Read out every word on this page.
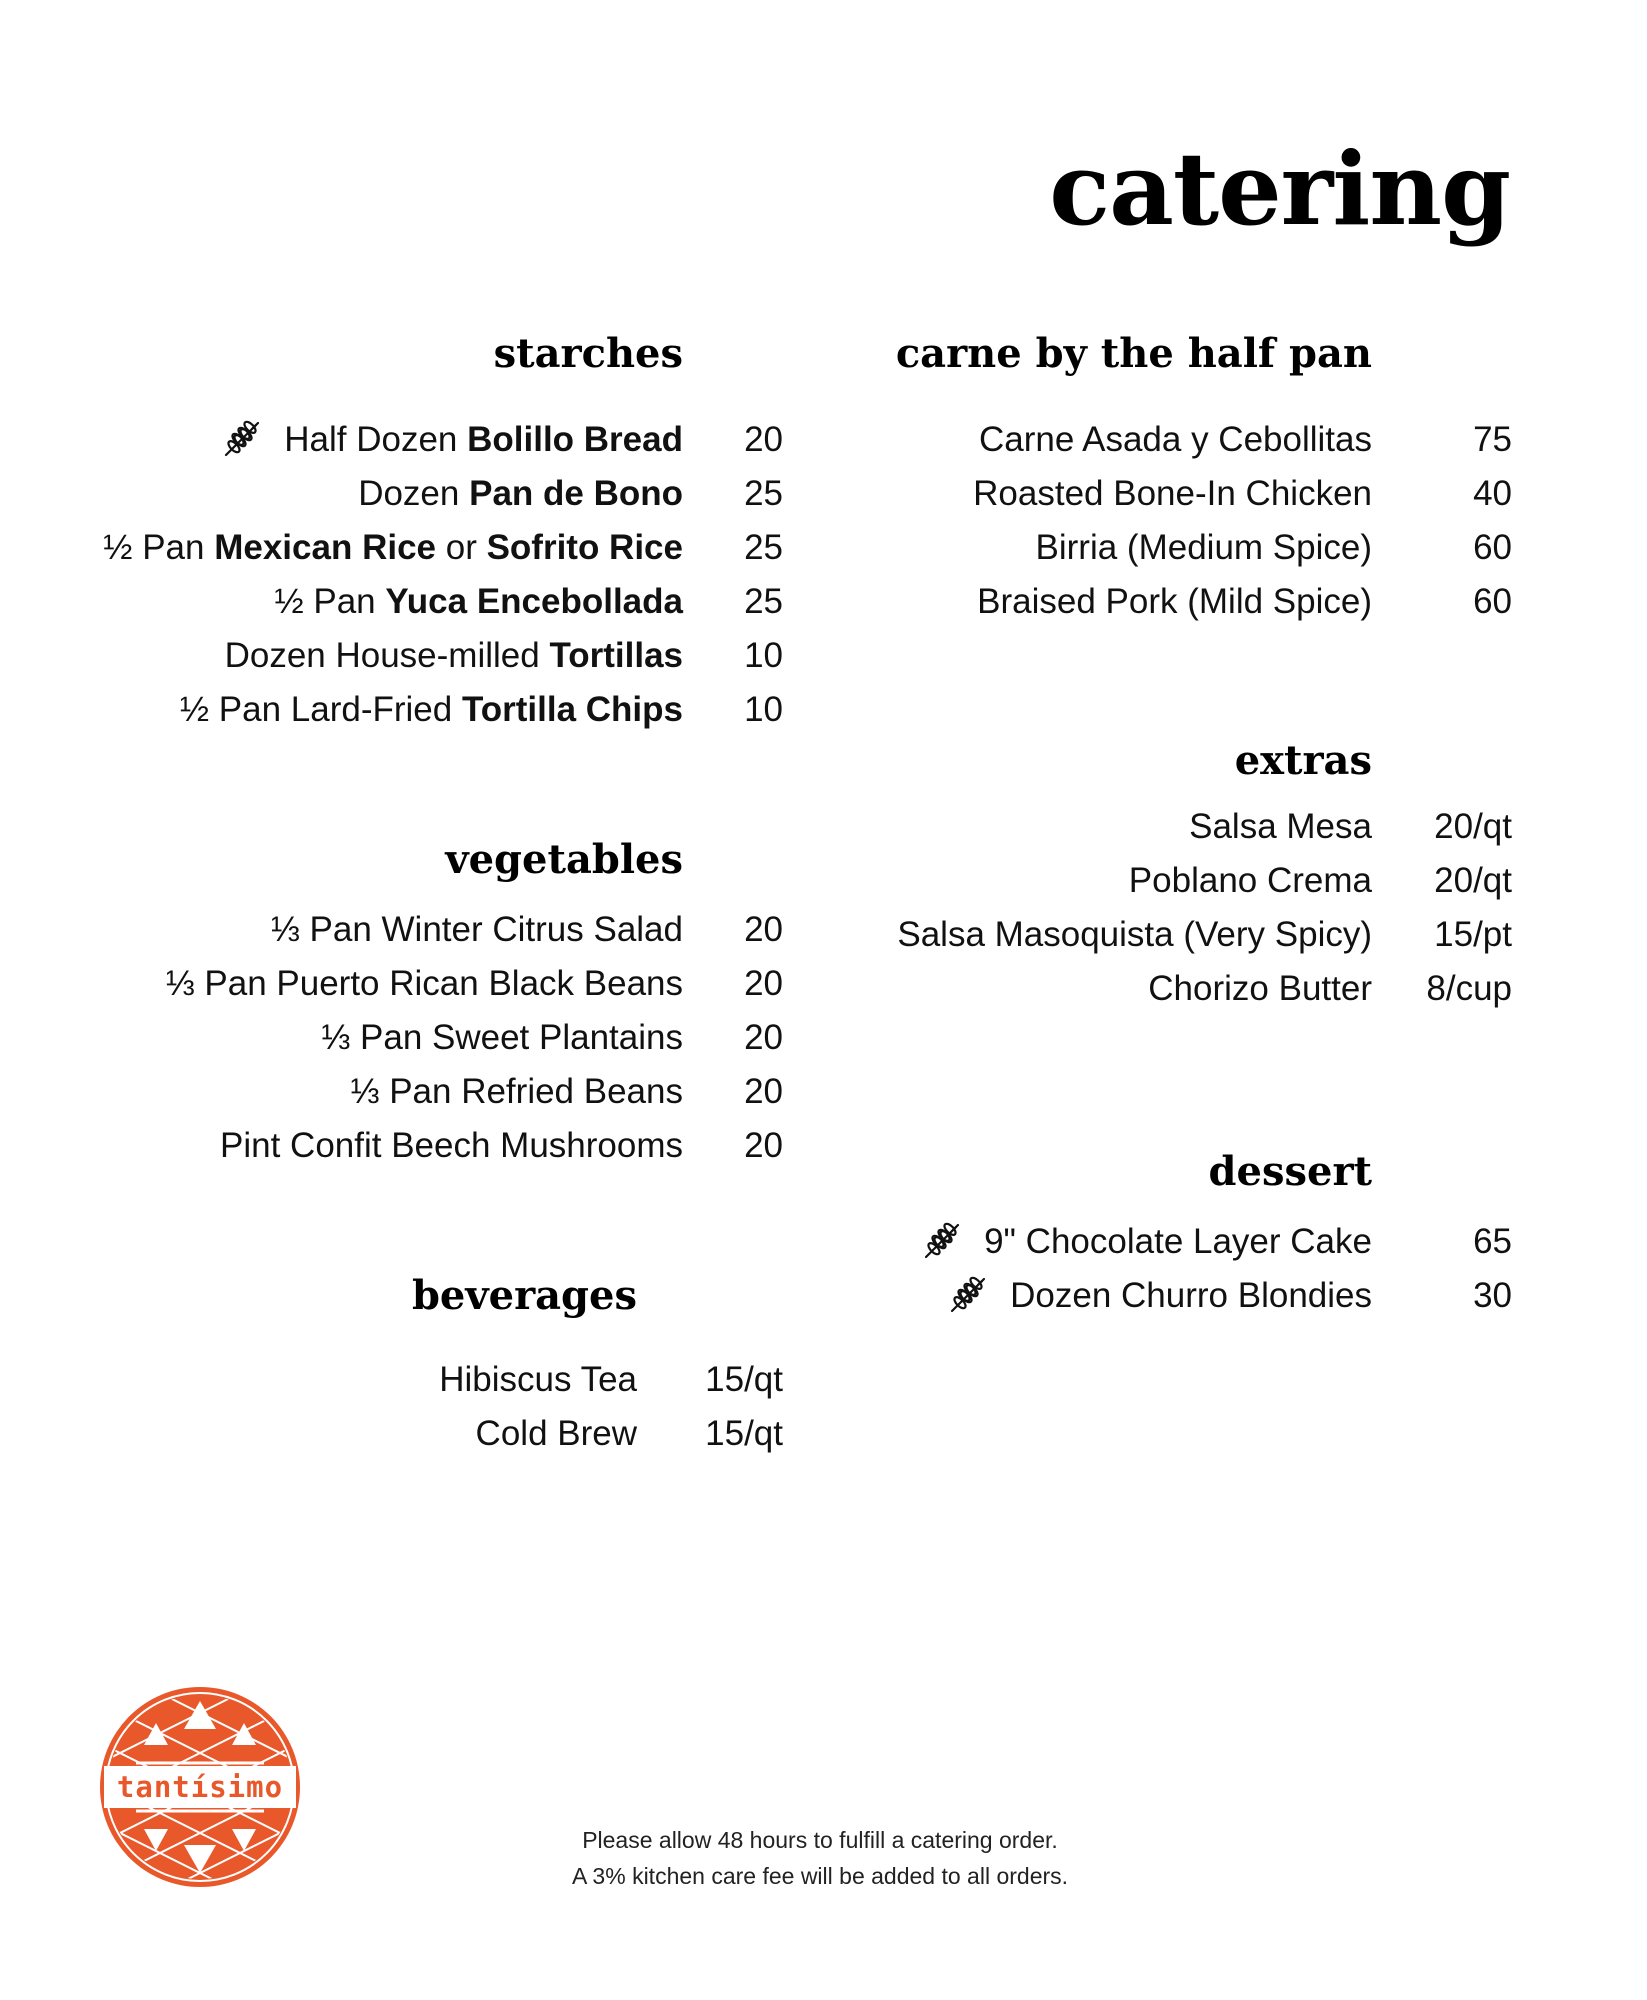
catering
starches
vegetables
beverages
carne by the half pan
extras
dessert
tantísimo
Please allow 48 hours to fulfill a catering order.
A 3% kitchen care fee will be added to all orders.
Half Dozen Bolillo Bread 20
Dozen Pan de Bono 25
½ Pan Mexican Rice or Sofrito Rice 25
½ Pan Yuca Encebollada 25
Dozen House-milled Tortillas 10
½ Pan Lard-Fried Tortilla Chips 10
⅓ Pan Winter Citrus Salad 20
⅓ Pan Puerto Rican Black Beans 20
⅓ Pan Sweet Plantains 20
⅓ Pan Refried Beans 20
Pint Confit Beech Mushrooms 20
Hibiscus Tea 15/qt
Cold Brew 15/qt
Carne Asada y Cebollitas	75
Roasted Bone-In Chicken	40
Birria (Medium Spice)	60
Braised Pork (Mild Spice)	60
Salsa Mesa 20/qt
Poblano Crema 20/qt
Salsa Masoquista (Very Spicy) 15/pt
Chorizo Butter 8/cup
9" Chocolate Layer Cake	65
Dozen Churro Blondies	30
